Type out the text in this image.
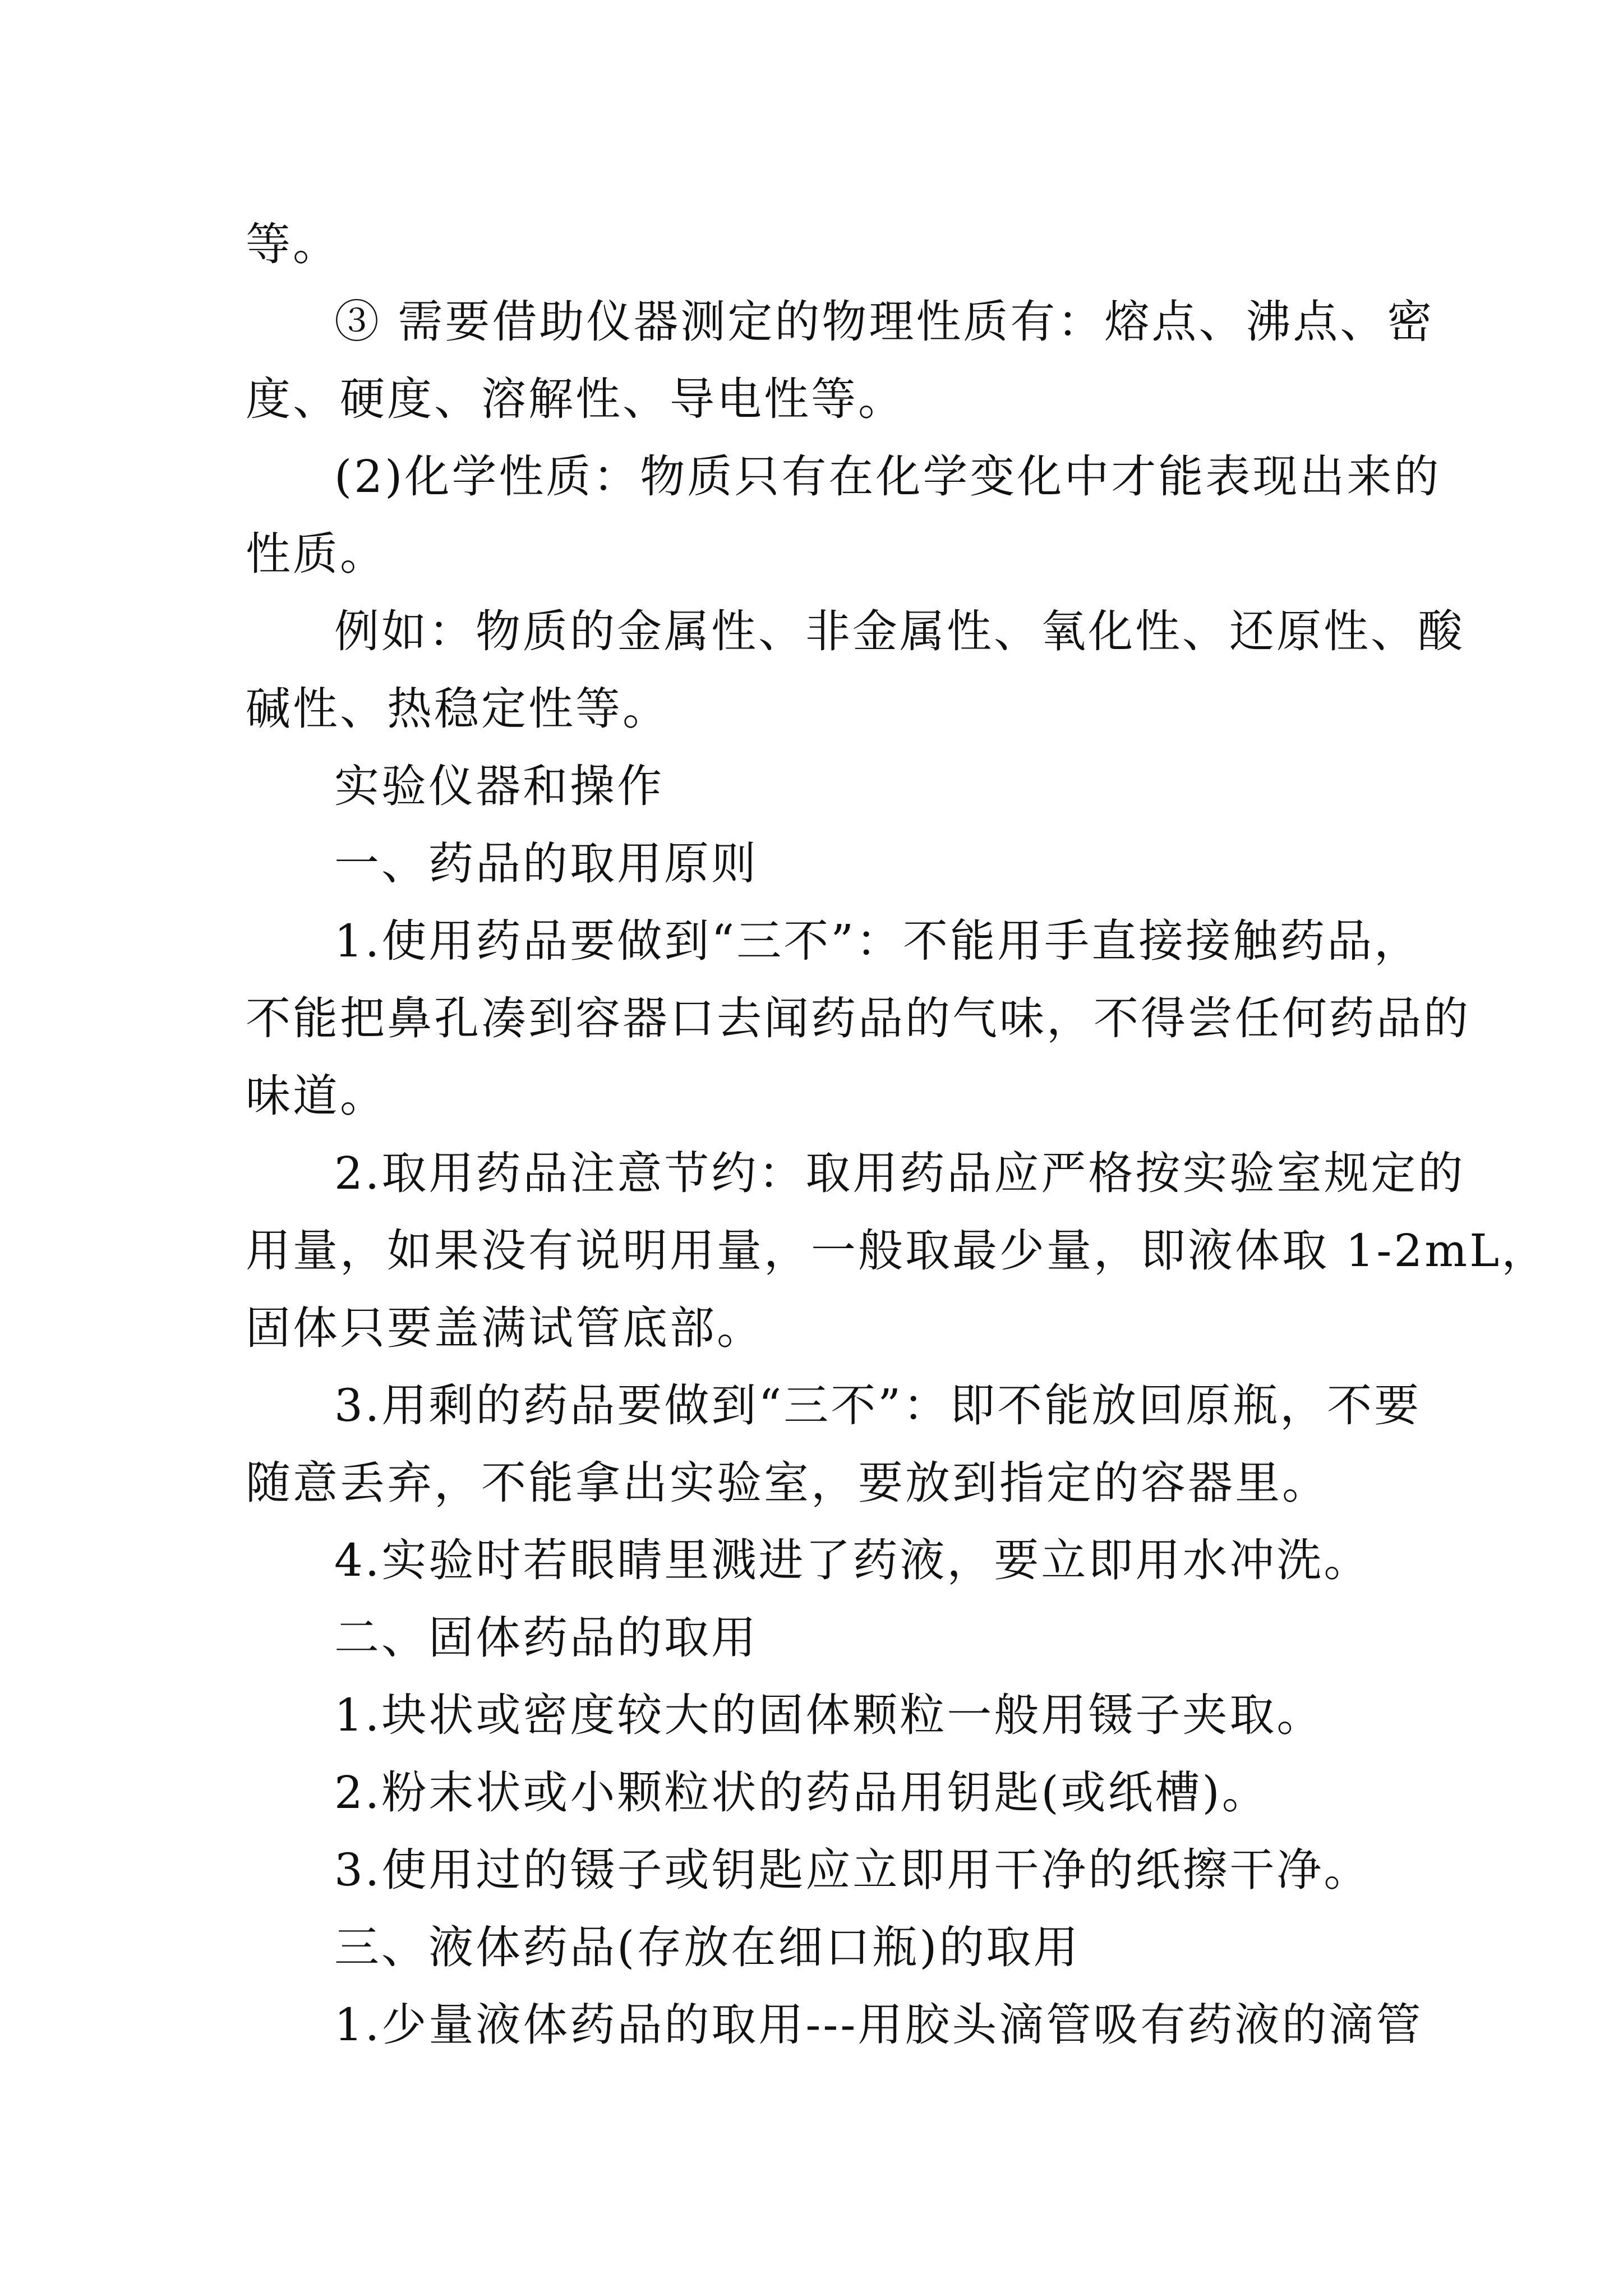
等。
③ 需要借助仪器测定的物理性质有：熔点、沸点、密
度、硬度、溶解性、导电性等。
(2)化学性质：物质只有在化学变化中才能表现出来的
性质。
例如：物质的金属性、非金属性、氧化性、还原性、酸
碱性、热稳定性等。
实验仪器和操作
一、药品的取用原则
1.使用药品要做到“三不”：不能用手直接接触药品，
不能把鼻孔凑到容器口去闻药品的气味，不得尝任何药品的
味道。
2.取用药品注意节约：取用药品应严格按实验室规定的
用量，如果没有说明用量，一般取最少量，即液体取 1-2mL，
固体只要盖满试管底部。
3.用剩的药品要做到“三不”：即不能放回原瓶，不要
随意丢弃，不能拿出实验室，要放到指定的容器里。
4.实验时若眼睛里溅进了药液，要立即用水冲洗。
二、固体药品的取用
1.块状或密度较大的固体颗粒一般用镊子夹取。
2.粉末状或小颗粒状的药品用钥匙(或纸槽)。
3.使用过的镊子或钥匙应立即用干净的纸擦干净。
三、液体药品(存放在细口瓶)的取用
1.少量液体药品的取用---用胶头滴管吸有药液的滴管
